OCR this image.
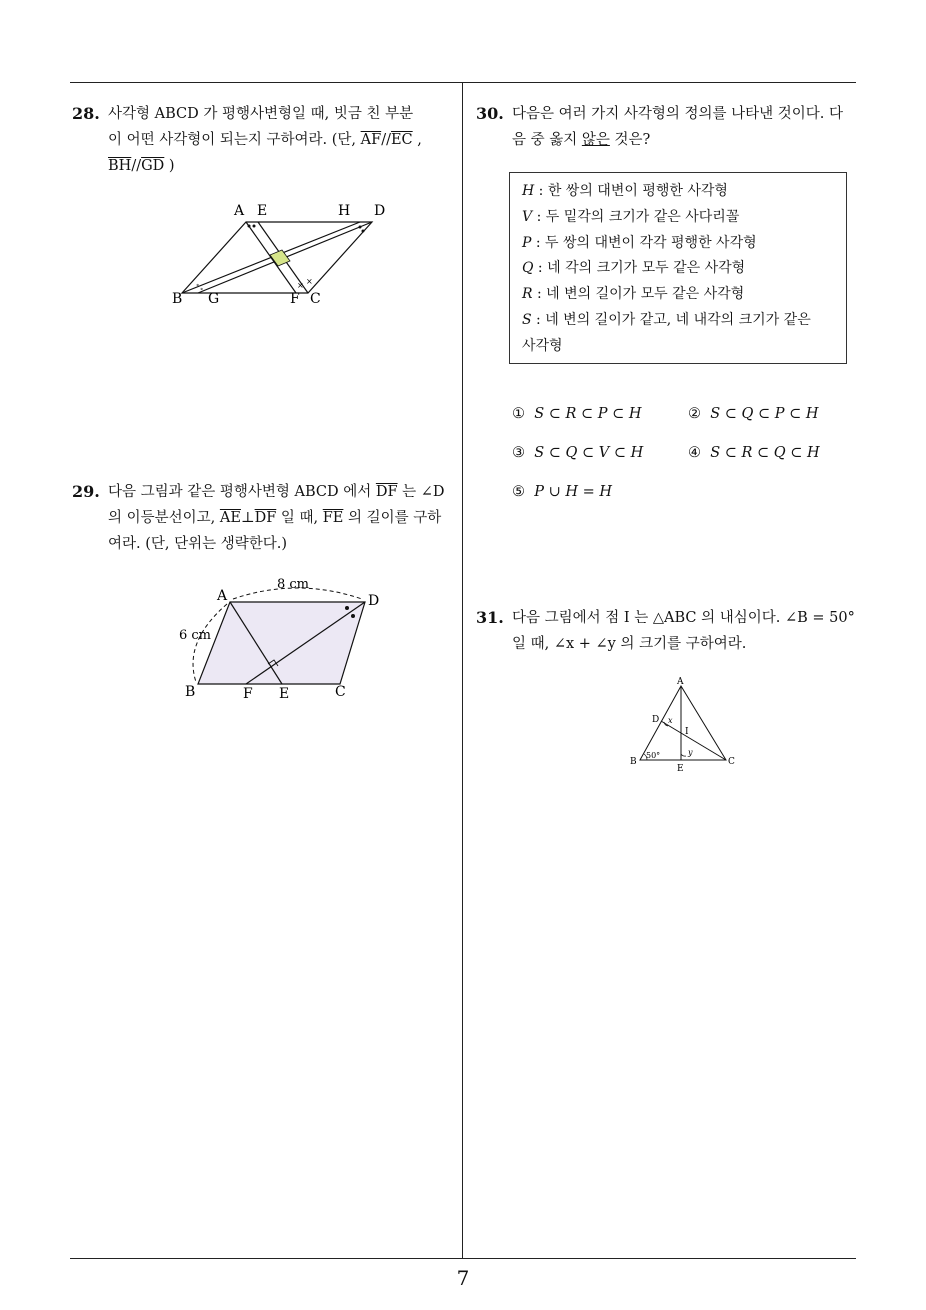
28. 사각형 ABCD 가 평행사변형일 때, 빗금 친 부분
이 어떤 사각형이 되는지 구하여라. (단, $\overline{AF}//\overline{EC}$ ,
$\overline{BH}//\overline{GD}$ )
∘ ∘	× ×
A E	H D
B G	F C
29. 다음 그림과 같은 평행사변형 ABCD 에서 $\overline{DF}$ 는 ∠D
의 이등분선이고, $\overline{AE}\perp\overline{DF}$ 일 때, $\overline{FE}$ 의 길이를 구하
여라. (단, 단위는 생략한다.)
A	D
B	F E	C
8 cm
6 cm
30. 다음은 여러 가지 사각형의 정의를 나타낸 것이다. 다
음 중 옳지 않은 것은?
H : 한 쌍의 대변이 평행한 사각형
V : 두 밑각의 크기가 같은 사다리꼴
P : 두 쌍의 대변이 각각 평행한 사각형
Q : 네 각의 크기가 모두 같은 사각형
R : 네 변의 길이가 모두 같은 사각형
S : 네 변의 길이가 같고, 네 내각의 크기가 같은
사각형
① S ⊂ R ⊂ P ⊂ H	② S ⊂ Q ⊂ P ⊂ H
③ S ⊂ Q ⊂ V ⊂ H	④ S ⊂ R ⊂ Q ⊂ H
⑤ P ∪ H = H
31. 다음 그림에서 점 I 는 △ABC 의 내심이다. ∠B = 50°
일 때, ∠x + ∠y 의 크기를 구하여라.
A
D x
I
y
50°
B
E
C
7
